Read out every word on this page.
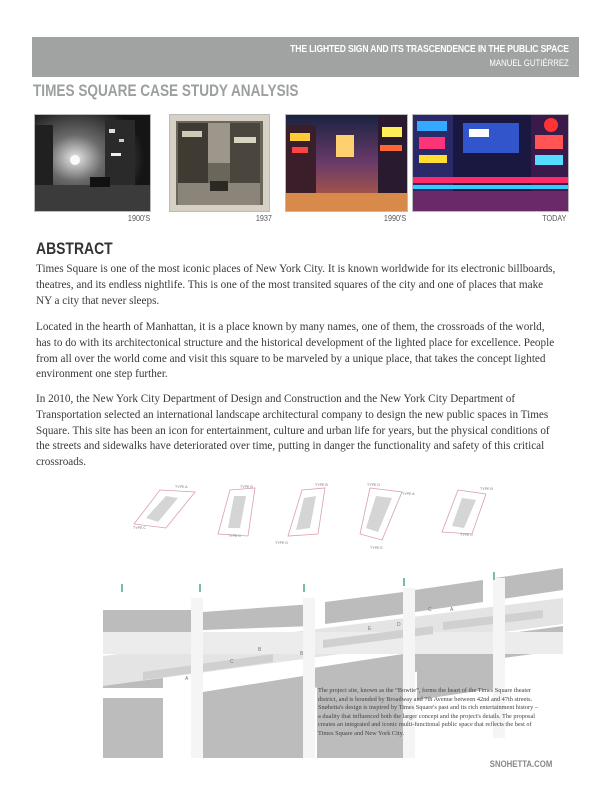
THE LIGHTED SIGN AND ITS TRASCENDENCE IN THE PUBLIC SPACE
MANUEL GUTIÉRREZ
TIMES SQUARE CASE STUDY ANALYSIS
1900'S	1937	1990'S	TODAY
ABSTRACT

Times Square is one of the most iconic places of New York City. It is known worldwide for its electronic billboards, theatres, and its endless nightlife. This is one of the most transited squares of the city and one of places that make NY a city that never sleeps.

Located in the hearth of Manhattan, it is a place known by many names, one of them, the crossroads of the world, has to do with its architectonical structure and the historical development of the lighted place for excellence. People from all over the world come and visit this square to be marveled by a unique place, that takes the concept lighted environment one step further.

In 2010, the New York City Department of Design and Construction and the New York City Department of Transportation selected an international landscape architectural company to design the new public spaces in Times Square. This site has been an icon for entertainment, culture and urban life for years, but the physical conditions of the streets and sidewalks have deteriorated over time, putting in danger the functionality and safety of this critical crossroads.

TYPE A
TYPE C
TYPE B
TYPE C
TYPE B
TYPE D
TYPE D
TYPE A
TYPE E
TYPE B
TYPE C
A
A
B
B
C
C
D
E

The project site, known as the “Bowtie”, forms the heart of the Times Square theater district, and is bounded by Broadway and 7th Avenue between 42nd and 47th streets. Snøhetta's design is inspired by Times Square's past and its rich entertainment history – a duality that influenced both the larger concept and the project's details. The proposal creates an integrated and iconic multi-functional public space that reflects the best of Times Square and New York City.

SNOHETTA.COM
